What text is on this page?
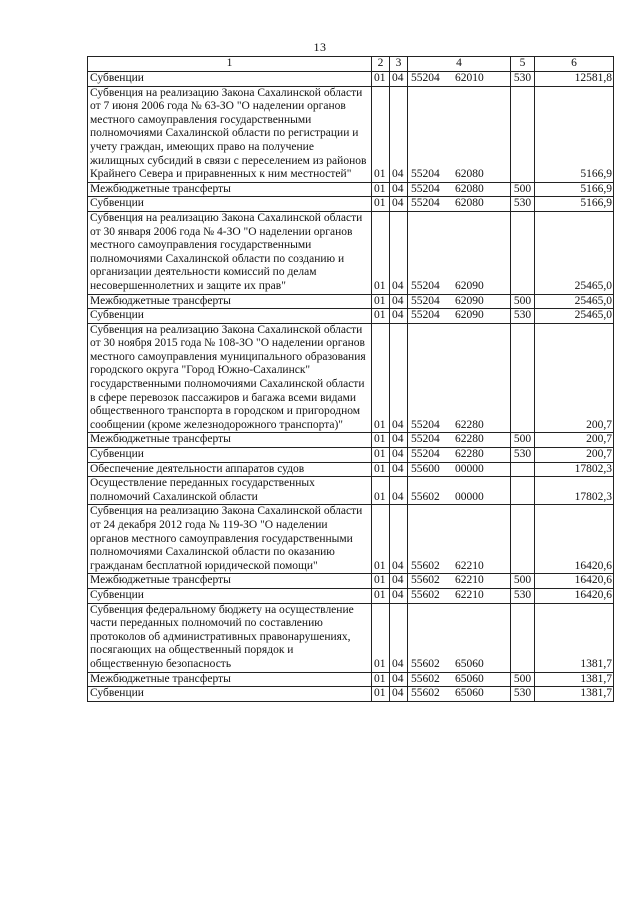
13
1	2	3	4	5	6
Субвенции	01	04	55204 62010	530	12581,8
Субвенция на реализацию Закона Сахалинской области от 7 июня 2006 года № 63-ЗО "О наделении органов местного самоуправления государственными полномочиями Сахалинской области по регистрации и учету граждан, имеющих право на получение жилищных субсидий в связи с переселением из районов Крайнего Севера и приравненных к ним местностей"	01	04	55204 62080		5166,9
Межбюджетные трансферты	01	04	55204 62080	500	5166,9
Субвенции	01	04	55204 62080	530	5166,9
Субвенция на реализацию Закона Сахалинской области от 30 января 2006 года № 4-ЗО "О наделении органов местного самоуправления государственными полномочиями Сахалинской области по созданию и организации деятельности комиссий по делам несовершеннолетних и защите их прав"	01	04	55204 62090		25465,0
Межбюджетные трансферты	01	04	55204 62090	500	25465,0
Субвенции	01	04	55204 62090	530	25465,0
Субвенция на реализацию Закона Сахалинской области от 30 ноября 2015 года № 108-ЗО "О наделении органов местного самоуправления муниципального образования городского округа "Город Южно-Сахалинск" государственными полномочиями Сахалинской области в сфере перевозок пассажиров и багажа всеми видами общественного транспорта в городском и пригородном сообщении (кроме железнодорожного транспорта)"	01	04	55204 62280		200,7
Межбюджетные трансферты	01	04	55204 62280	500	200,7
Субвенции	01	04	55204 62280	530	200,7
Обеспечение деятельности аппаратов судов	01	04	55600 00000		17802,3
Осуществление переданных государственных полномочий Сахалинской области	01	04	55602 00000		17802,3
Субвенция на реализацию Закона Сахалинской области от 24 декабря 2012 года № 119-ЗО "О наделении органов местного самоуправления государственными полномочиями Сахалинской области по оказанию гражданам бесплатной юридической помощи"	01	04	55602 62210		16420,6
Межбюджетные трансферты	01	04	55602 62210	500	16420,6
Субвенции	01	04	55602 62210	530	16420,6
Субвенция федеральному бюджету на осуществление части переданных полномочий по составлению протоколов об административных правонарушениях, посягающих на общественный порядок и общественную безопасность	01	04	55602 65060		1381,7
Межбюджетные трансферты	01	04	55602 65060	500	1381,7
Субвенции	01	04	55602 65060	530	1381,7
